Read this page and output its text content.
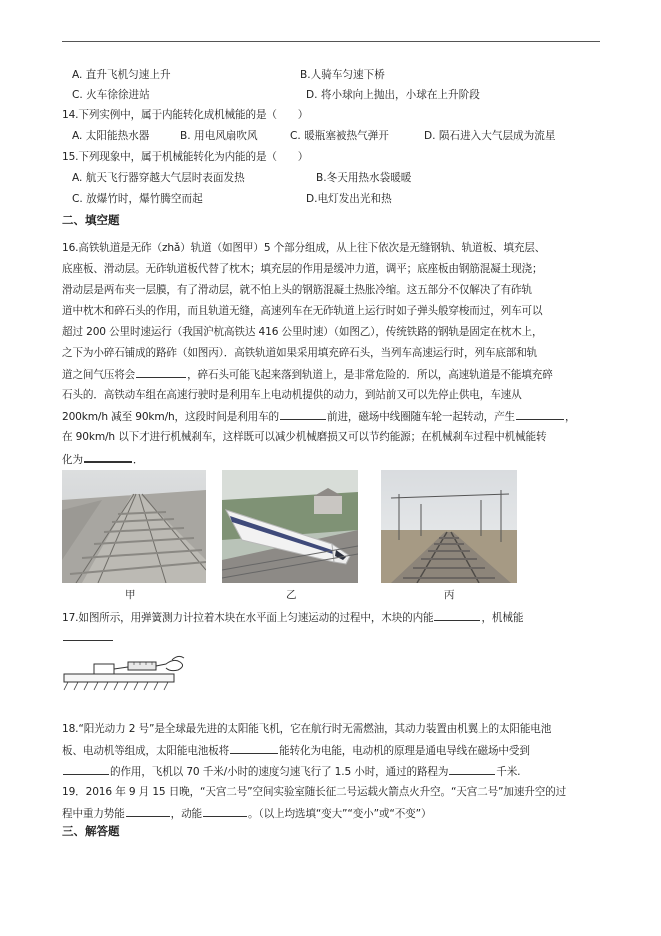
A. 直升飞机匀速上升	B.人骑车匀速下桥
C. 火车徐徐进站	D. 将小球向上抛出，小球在上升阶段
14.下列实例中，属于内能转化成机械能的是（　　）
A. 太阳能热水器	B. 用电风扇吹风	C. 暖瓶塞被热气弹开	D. 陨石进入大气层成为流星
15.下列现象中，属于机械能转化为内能的是（　　）
A. 航天飞行器穿越大气层时表面发热	B.冬天用热水袋暖暖
C. 放爆竹时，爆竹腾空而起	D.电灯发出光和热
二、填空题
16.高铁轨道是无砟（zhǎ）轨道（如图甲）5 个部分组成，从上往下依次是无缝钢轨、轨道板、填充层、
底座板、滑动层。无砟轨道板代替了枕木；填充层的作用是缓冲力道，调平；底座板由钢筋混凝土现浇；
滑动层是两布夹一层膜，有了滑动层，就不怕上头的钢筋混凝土热胀冷缩。这五部分不仅解决了有砟轨
道中枕木和碎石头的作用，而且轨道无缝，高速列车在无砟轨道上运行时如子弹头般穿梭而过，列车可以
超过 200 公里时速运行（我国沪杭高铁达 416 公里时速）（如图乙），传统铁路的钢轨是固定在枕木上，
之下为小碎石铺成的路砟（如图丙）．高铁轨道如果采用填充碎石头，当列车高速运行时，列车底部和轨
道之间气压将会	，碎石头可能飞起来落到轨道上，是非常危险的．所以，高速轨道是不能填充碎
石头的．高铁动车组在高速行驶时是利用车上电动机提供的动力，到站前又可以先停止供电，车速从
200km/h 减至 90km/h，这段时间是利用车的	前进，磁场中线圈随车轮一起转动，产生	，
在 90km/h 以下才进行机械刹车，这样既可以减少机械磨损又可以节约能源；在机械刹车过程中机械能转
化为	．
甲	乙	丙
17.如图所示，用弹簧测力计拉着木块在水平面上匀速运动的过程中，木块的内能	，机械能
18.“阳光动力 2 号”是全球最先进的太阳能飞机，它在航行时无需燃油，其动力装置由机翼上的太阳能电池
板、电动机等组成，太阳能电池板将	能转化为电能，电动机的原理是通电导线在磁场中受到
的作用，飞机以 70 千米/小时的速度匀速飞行了 1.5 小时，通过的路程为	千米.
19．2016 年 9 月 15 日晚，“天宫二号”空间实验室随长征二号运载火箭点火升空。“天宫二号”加速升空的过
程中重力势能	，动能	。（以上均选填“变大”“变小”或“不变”）
三、解答题
